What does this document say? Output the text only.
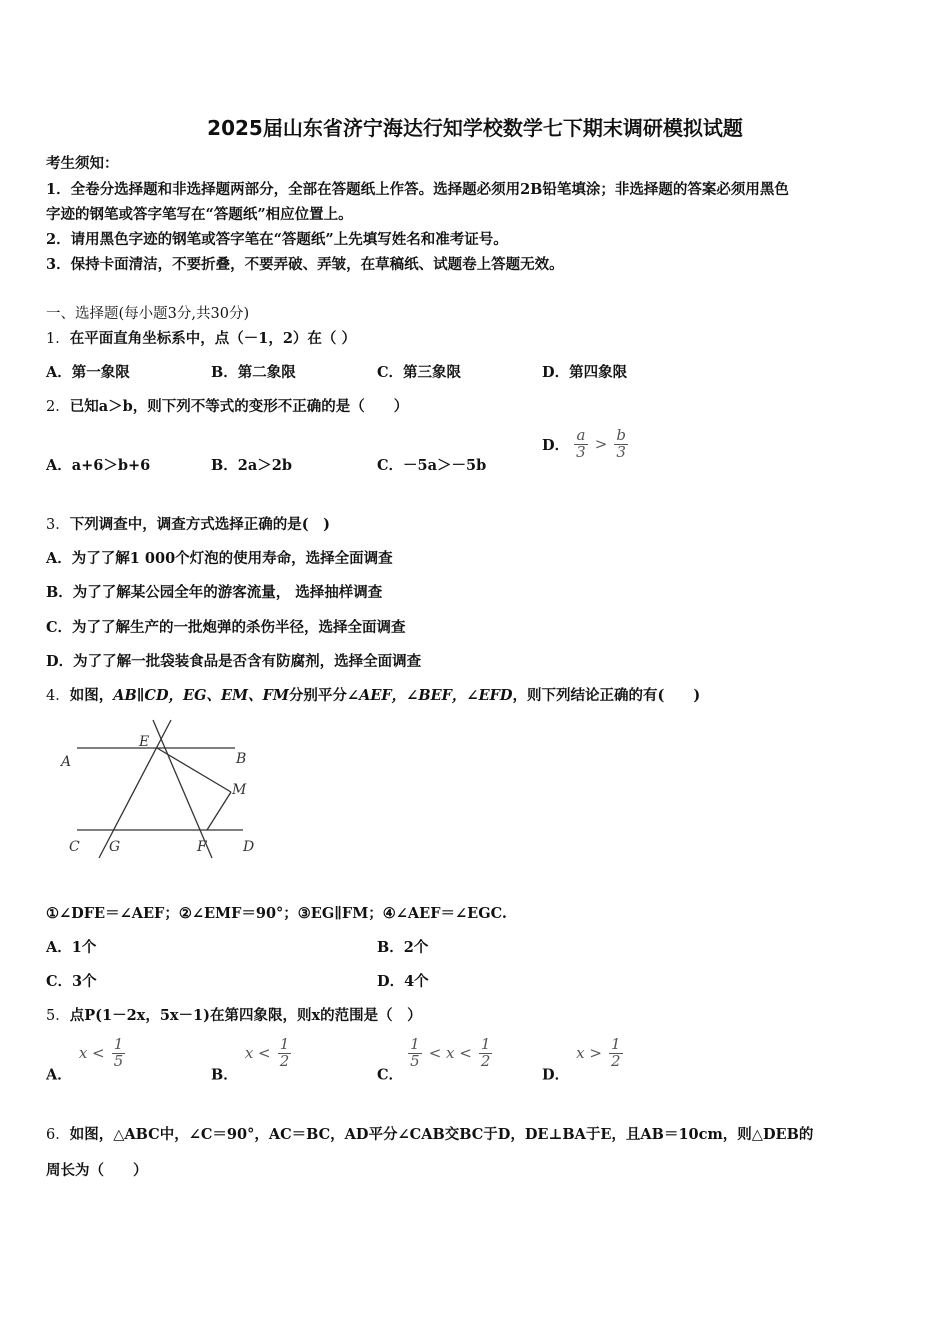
2025届山东省济宁海达行知学校数学七下期末调研模拟试题
考生须知：
1．全卷分选择题和非选择题两部分，全部在答题纸上作答。选择题必须用2B铅笔填涂；非选择题的答案必须用黑色
字迹的钢笔或答字笔写在“答题纸”相应位置上。
2．请用黑色字迹的钢笔或答字笔在“答题纸”上先填写姓名和准考证号。
3．保持卡面清洁，不要折叠，不要弄破、弄皱，在草稿纸、试题卷上答题无效。
一、选择题(每小题3分,共30分)
1．在平面直角坐标系中，点（－1，2）在（ ）
A．第一象限	B．第二象限	C．第三象限	D．第四象限
2．已知a＞b，则下列不等式的变形不正确的是（　　）
A．a+6＞b+6	B．2a＞2b	C．－5a＞－5b
D． $\frac{a}{3} > \frac{b}{3}$
3．下列调查中，调查方式选择正确的是(　)
A．为了了解1 000个灯泡的使用寿命，选择全面调查
B．为了了解某公园全年的游客流量， 选择抽样调查
C．为了了解生产的一批炮弹的杀伤半径，选择全面调查
D．为了了解一批袋装食品是否含有防腐剂，选择全面调查
4．如图，AB∥CD，EG、EM、FM分别平分∠AEF，∠BEF，∠EFD，则下列结论正确的有(　　)
A
E
B
M
C G	F	D
①∠DFE＝∠AEF；②∠EMF＝90°；③EG∥FM；④∠AEF＝∠EGC.
A．1个	B．2个
C．3个	D．4个
5．点P(1－2x，5x－1)在第四象限，则x的范围是（　）
A． $x < \frac{1}{5}$
B． $x < \frac{1}{2}$
C．
$\frac{1}{5} < x < \frac{1}{2}$
D． $x > \frac{1}{2}$
6．如图，△ABC中，∠C＝90°，AC＝BC，AD平分∠CAB交BC于D，DE⊥BA于E，且AB＝10cm，则△DEB的
周长为（　　）
